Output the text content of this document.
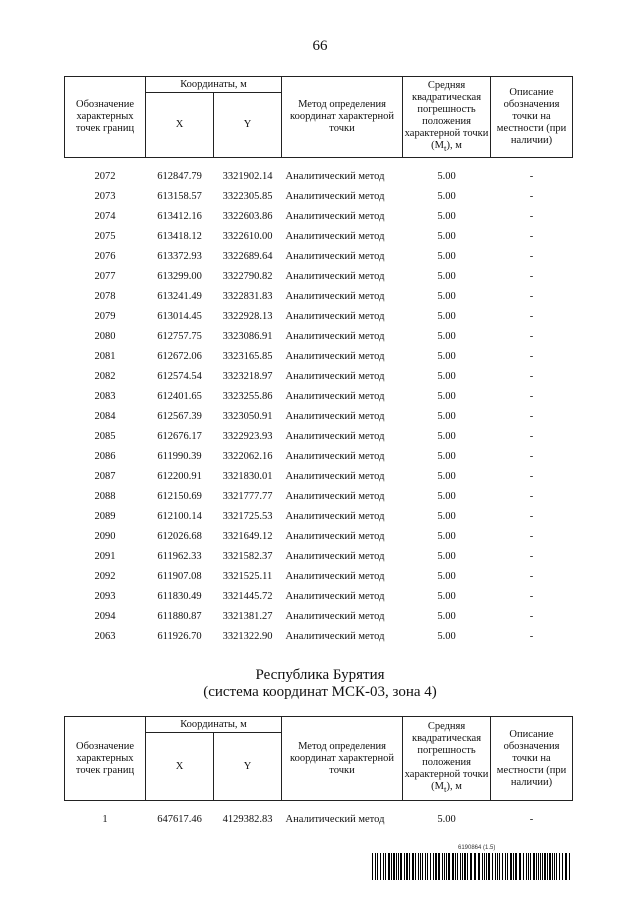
66
Обозначение характерных точек границ	Координаты, м		Метод определения координат характерной точки	Средняя квадратическая погрешность положения характерной точки $(M_t)$, м	Описание обозначения точки на местности (при наличии)
	X	Y			

2072	612847.79	3321902.14	Аналитический метод	5.00	-
2073	613158.57	3322305.85	Аналитический метод	5.00	-
2074	613412.16	3322603.86	Аналитический метод	5.00	-
2075	613418.12	3322610.00	Аналитический метод	5.00	-
2076	613372.93	3322689.64	Аналитический метод	5.00	-
2077	613299.00	3322790.82	Аналитический метод	5.00	-
2078	613241.49	3322831.83	Аналитический метод	5.00	-
2079	613014.45	3322928.13	Аналитический метод	5.00	-
2080	612757.75	3323086.91	Аналитический метод	5.00	-
2081	612672.06	3323165.85	Аналитический метод	5.00	-
2082	612574.54	3323218.97	Аналитический метод	5.00	-
2083	612401.65	3323255.86	Аналитический метод	5.00	-
2084	612567.39	3323050.91	Аналитический метод	5.00	-
2085	612676.17	3322923.93	Аналитический метод	5.00	-
2086	611990.39	3322062.16	Аналитический метод	5.00	-
2087	612200.91	3321830.01	Аналитический метод	5.00	-
2088	612150.69	3321777.77	Аналитический метод	5.00	-
2089	612100.14	3321725.53	Аналитический метод	5.00	-
2090	612026.68	3321649.12	Аналитический метод	5.00	-
2091	611962.33	3321582.37	Аналитический метод	5.00	-
2092	611907.08	3321525.11	Аналитический метод	5.00	-
2093	611830.49	3321445.72	Аналитический метод	5.00	-
2094	611880.87	3321381.27	Аналитический метод	5.00	-
2063	611926.70	3321322.90	Аналитический метод	5.00	-
Республика Бурятия
(система координат МСК-03, зона 4)
Обозначение характерных точек границ	Координаты, м		Метод определения координат характерной точки	Средняя квадратическая погрешность положения характерной точки $(M_t)$, м	Описание обозначения точки на местности (при наличии)
	X	Y			

1	647617.46	4129382.83	Аналитический метод	5.00	-
6190864 (1.5)
